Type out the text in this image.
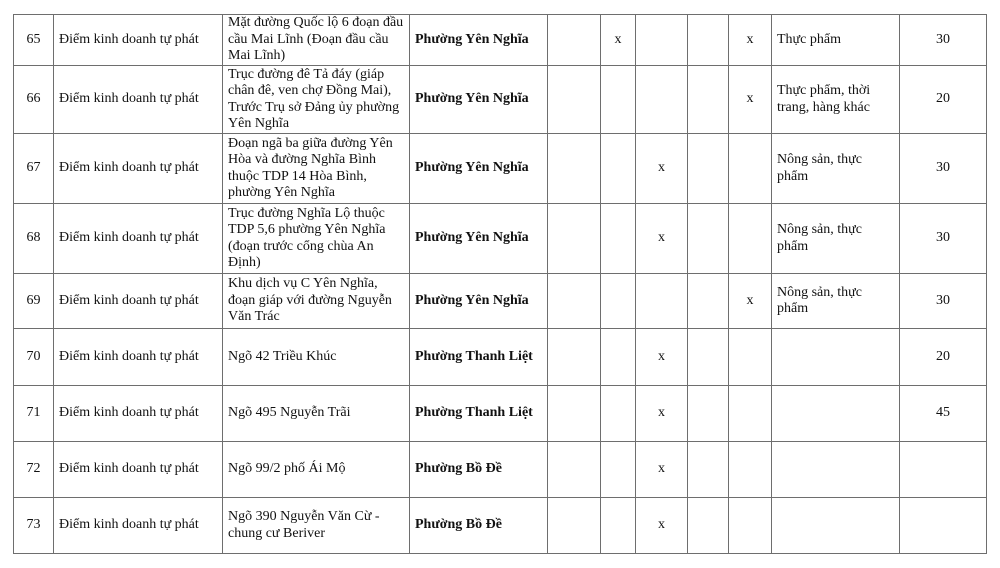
65	Điểm kinh doanh tự phát	Mặt đường Quốc lộ 6 đoạn đầu cầu Mai Lĩnh (Đoạn đầu cầu Mai Lĩnh)	Phường Yên Nghĩa		x			x	Thực phẩm	30
66	Điểm kinh doanh tự phát	Trục đường đê Tả đáy (giáp chân đê, ven chợ Đồng Mai), Trước Trụ sở Đảng ủy phường Yên Nghĩa	Phường Yên Nghĩa					x	Thực phẩm, thời trang, hàng khác	20
67	Điểm kinh doanh tự phát	Đoạn ngã ba giữa đường Yên Hòa và đường Nghĩa Bình thuộc TDP 14 Hòa Bình, phường Yên Nghĩa	Phường Yên Nghĩa			x			Nông sản, thực phẩm	30
68	Điểm kinh doanh tự phát	Trục đường Nghĩa Lộ thuộc TDP 5,6 phường Yên Nghĩa (đoạn trước cổng chùa An Định)	Phường Yên Nghĩa			x			Nông sản, thực phẩm	30
69	Điểm kinh doanh tự phát	Khu dịch vụ C Yên Nghĩa, đoạn giáp với đường Nguyễn Văn Trác	Phường Yên Nghĩa					x	Nông sản, thực phẩm	30
70	Điểm kinh doanh tự phát	Ngõ 42 Triều Khúc	Phường Thanh Liệt			x				20
71	Điểm kinh doanh tự phát	Ngõ 495 Nguyễn Trãi	Phường Thanh Liệt			x				45
72	Điểm kinh doanh tự phát	Ngõ 99/2 phố Ái Mộ	Phường Bồ Đề			x				
73	Điểm kinh doanh tự phát	Ngõ 390 Nguyễn Văn Cừ - chung cư Beriver	Phường Bồ Đề			x				
